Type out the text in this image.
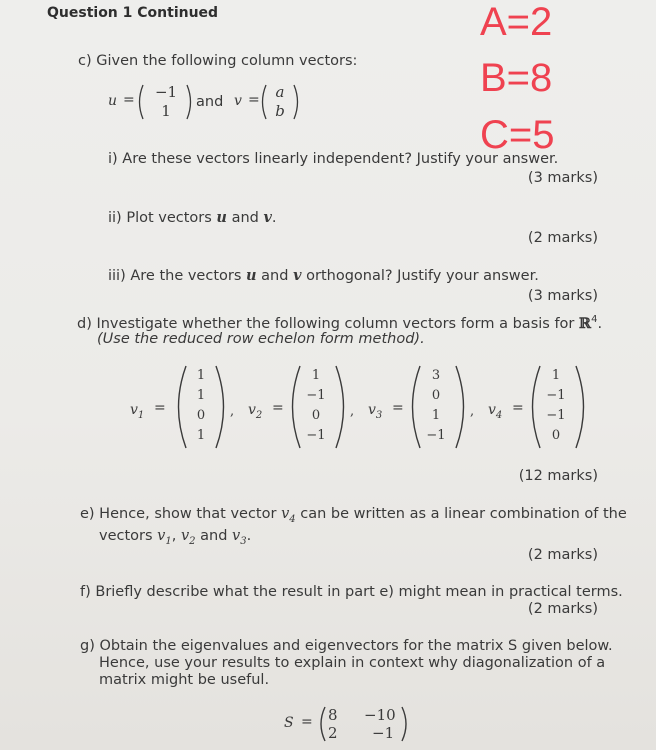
Question 1 Continued	A=2
B=8
C=5
c) Given the following column vectors:
u =	−1
1	and v =	a
b
i) Are these vectors linearly independent? Justify your answer.
(3 marks)
ii) Plot vectors u and v.
(2 marks)
iii) Are the vectors u and v orthogonal? Justify your answer.
(3 marks)
d) Investigate whether the following column vectors form a basis for ℝ$^4$.
(Use the reduced row echelon form method).
$v_1$ =
1
1
0
1
, $v_2$ =
1
−1
0
−1
, $v_3$ =
3
0
1
−1
, $v_4$ =
1
−1
−1
0
(12 marks)
e) Hence, show that vector $v_4$ can be written as a linear combination of the
vectors $v_1$, $v_2$ and $v_3$.
(2 marks)
f) Briefly describe what the result in part e) might mean in practical terms.
(2 marks)
g) Obtain the eigenvalues and eigenvectors for the matrix S given below.
Hence, use your results to explain in context why diagonalization of a
matrix might be useful.
S = 8 −10
2 −1
